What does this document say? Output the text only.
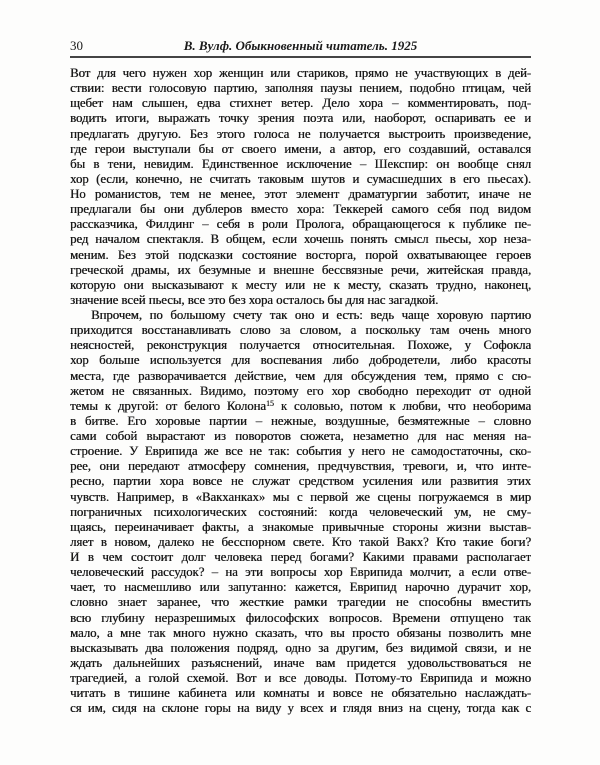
30	В. Вулф. Обыкновенный читатель. 1925
Вот для чего нужен хор женщин или стариков, прямо не участвующих в дей-
ствии: вести голосовую партию, заполняя паузы пением, подобно птицам, чей
щебет нам слышен, едва стихнет ветер. Дело хора – комментировать, под-
водить итоги, выражать точку зрения поэта или, наоборот, оспаривать ее и
предлагать другую. Без этого голоса не получается выстроить произведение,
где герои выступали бы от своего имени, а автор, его создавший, оставался
бы в тени, невидим. Единственное исключение – Шекспир: он вообще снял
хор (если, конечно, не считать таковым шутов и сумасшедших в его пьесах).
Но романистов, тем не менее, этот элемент драматургии заботит, иначе не
предлагали бы они дублеров вместо хора: Теккерей самого себя под видом
рассказчика, Филдинг – себя в роли Пролога, обращающегося к публике пе-
ред началом спектакля. В общем, если хочешь понять смысл пьесы, хор неза-
меним. Без этой подсказки состояние восторга, порой охватывающее героев
греческой драмы, их безумные и внешне бессвязные речи, житейская правда,
которую они высказывают к месту или не к месту, сказать трудно, наконец,
значение всей пьесы, все это без хора осталось бы для нас загадкой.
Впрочем, по большому счету так оно и есть: ведь чаще хоровую партию
приходится восстанавливать слово за словом, а поскольку там очень много
неясностей, реконструкция получается относительная. Похоже, у Софокла
хор больше используется для воспевания либо добродетели, либо красоты
места, где разворачивается действие, чем для обсуждения тем, прямо с сю-
жетом не связанных. Видимо, поэтому его хор свободно переходит от одной
темы к другой: от белого Колона$^{15}$ к соловью, потом к любви, что необорима
в битве. Его хоровые партии – нежные, воздушные, безмятежные – словно
сами собой вырастают из поворотов сюжета, незаметно для нас меняя на-
строение. У Еврипида же все не так: события у него не самодостаточны, ско-
рее, они передают атмосферу сомнения, предчувствия, тревоги, и, что инте-
ресно, партии хора вовсе не служат средством усиления или развития этих
чувств. Например, в «Вакханках» мы с первой же сцены погружаемся в мир
пограничных психологических состояний: когда человеческий ум, не сму-
щаясь, переиначивает факты, а знакомые привычные стороны жизни выстав-
ляет в новом, далеко не бесспорном свете. Кто такой Вакх? Кто такие боги?
И в чем состоит долг человека перед богами? Какими правами располагает
человеческий рассудок? – на эти вопросы хор Еврипида молчит, а если отве-
чает, то насмешливо или запутанно: кажется, Еврипид нарочно дурачит хор,
словно знает заранее, что жесткие рамки трагедии не способны вместить
всю глубину неразрешимых философских вопросов. Времени отпущено так
мало, а мне так много нужно сказать, что вы просто обязаны позволить мне
высказывать два положения подряд, одно за другим, без видимой связи, и не
ждать дальнейших разъяснений, иначе вам придется удовольствоваться не
трагедией, а голой схемой. Вот и все доводы. Потому-то Еврипида и можно
читать в тишине кабинета или комнаты и вовсе не обязательно наслаждать-
ся им, сидя на склоне горы на виду у всех и глядя вниз на сцену, тогда как с
